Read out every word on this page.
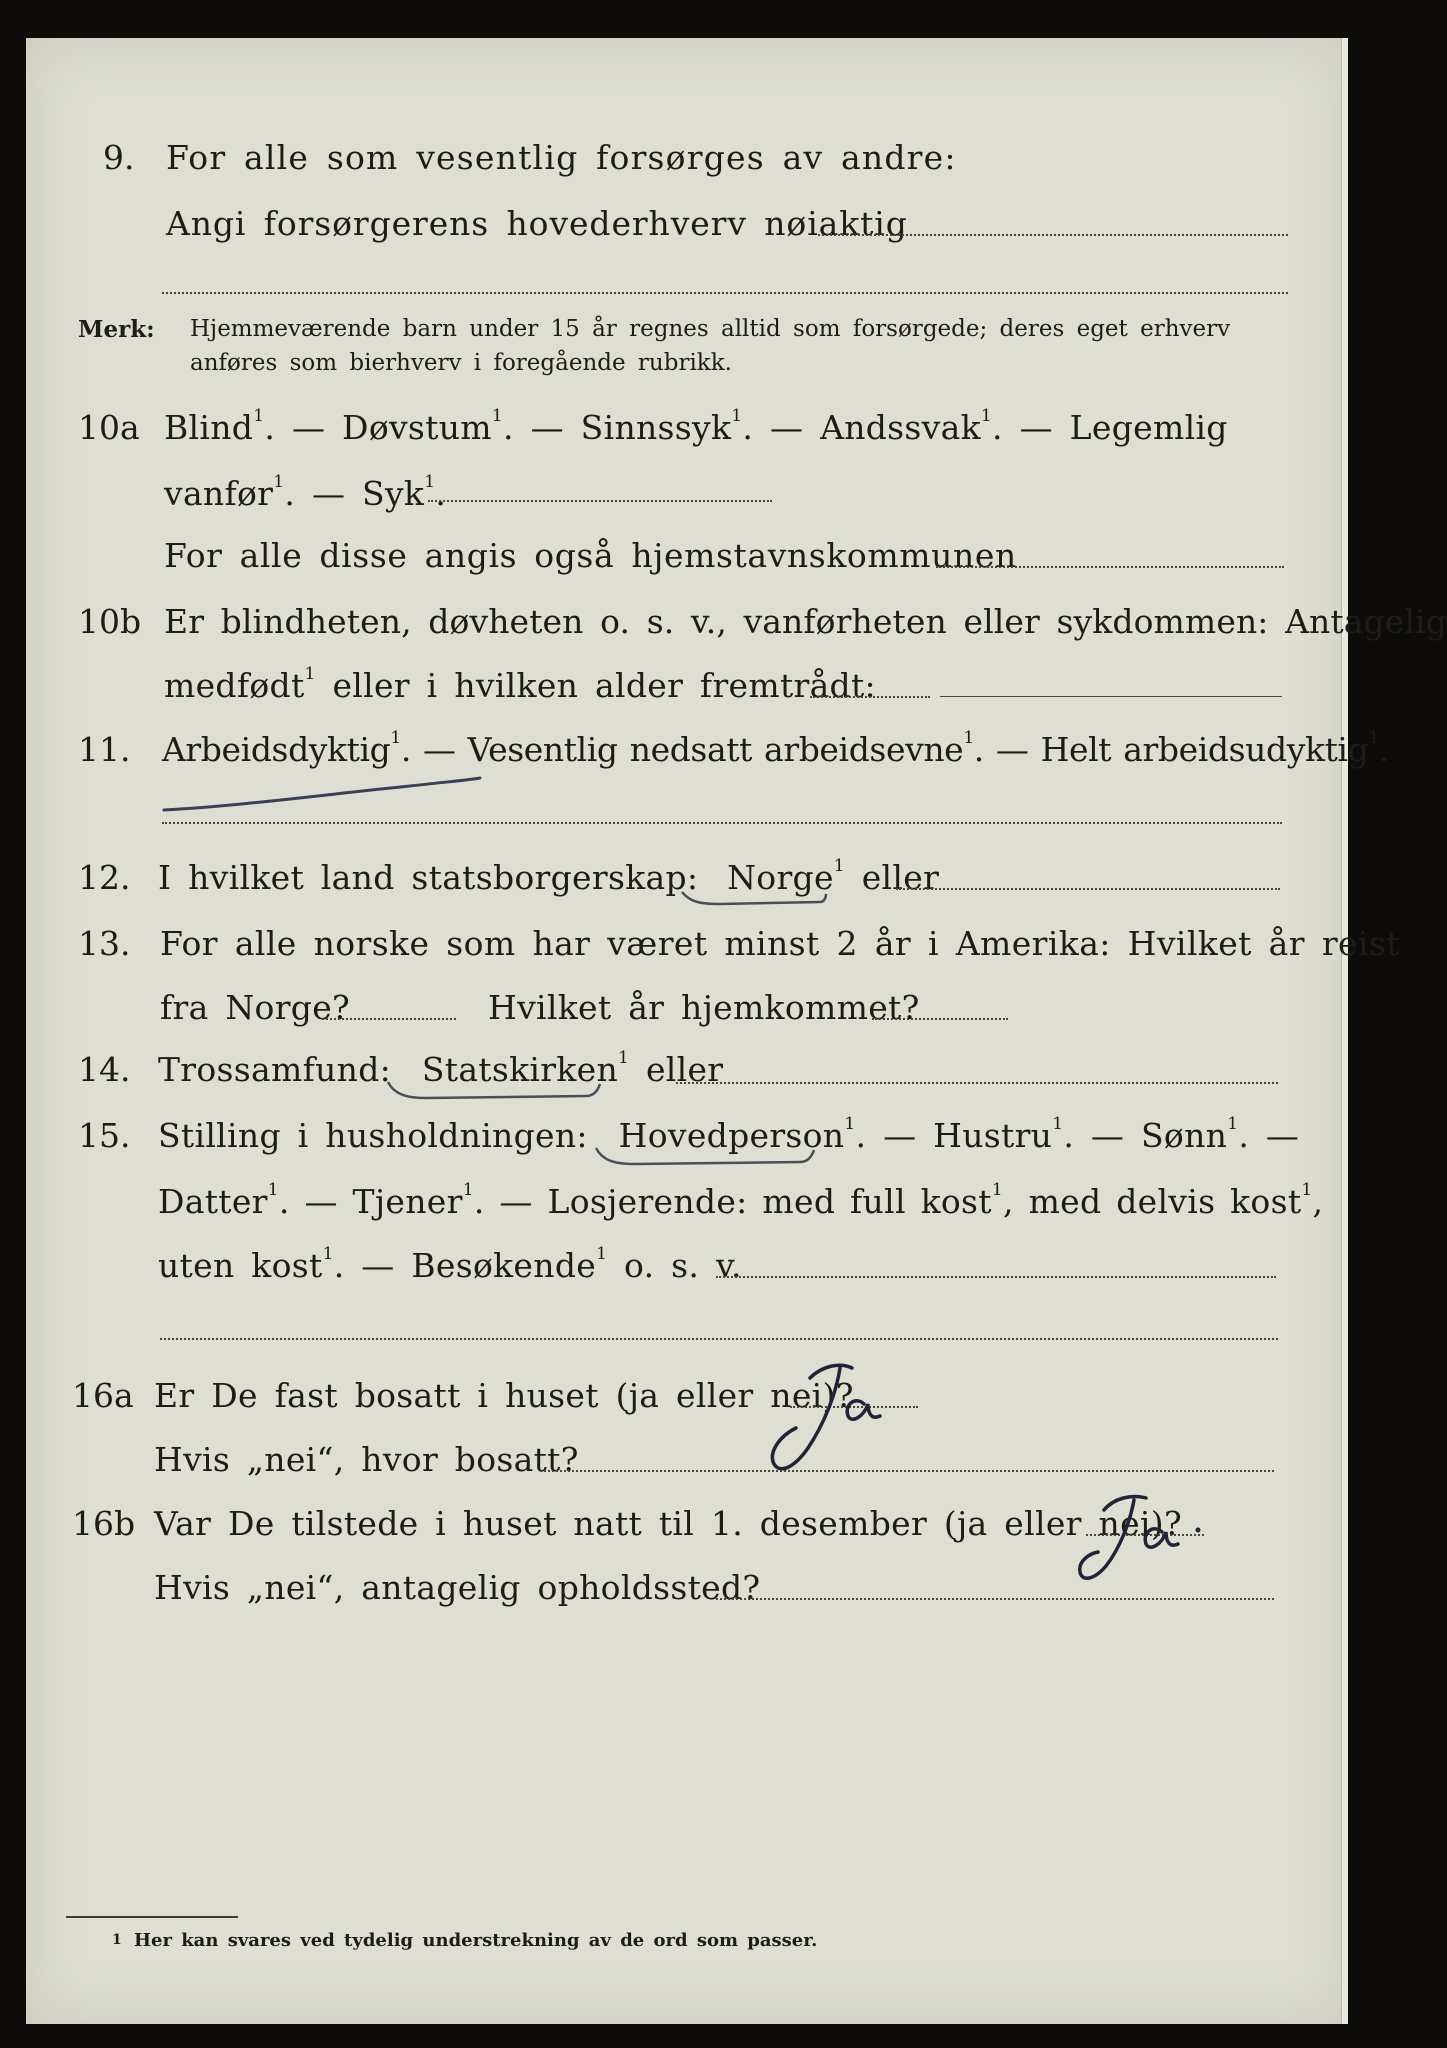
9. For alle som vesentlig forsørges av andre:
Angi forsørgerens hovederhverv nøiaktig
Merk: Hjemmeværende barn under 15 år regnes alltid som forsørgede; deres eget erhverv
anføres som bierhverv i foregående rubrikk.
10a Blind$^1$. — Døvstum$^1$. — Sinnssyk$^1$. — Andssvak$^1$. — Legemlig
vanfør$^1$. — Syk$^1$.
For alle disse angis også hjemstavnskommunen
10b Er blindheten, døvheten o. s. v., vanførheten eller sykdommen: Antagelig
medfødt$^1$ eller i hvilken alder fremtrådt:
11. Arbeidsdyktig$^1$. — Vesentlig nedsatt arbeidsevne$^1$. — Helt arbeidsudyktig$^1$.
12. I hvilket land statsborgerskap: Norge$^1$ eller
13. For alle norske som har været minst 2 år i Amerika: Hvilket år reist
fra Norge?	Hvilket år hjemkommet?
14. Trossamfund: Statskirken$^1$ eller
15. Stilling i husholdningen: Hovedperson$^1$. — Hustru$^1$. — Sønn$^1$. —
Datter$^1$. — Tjener$^1$. — Losjerende: med full kost$^1$, med delvis kost$^1$,
uten kost$^1$. — Besøkende$^1$ o. s. v.
16a Er De fast bosatt i huset (ja eller nei)?
Ja
Hvis „nei“, hvor bosatt?
16b Var De tilstede i huset natt til 1. desember (ja eller nei)?
Ja
Hvis „nei“, antagelig opholdssted?
1 Her kan svares ved tydelig understrekning av de ord som passer.
